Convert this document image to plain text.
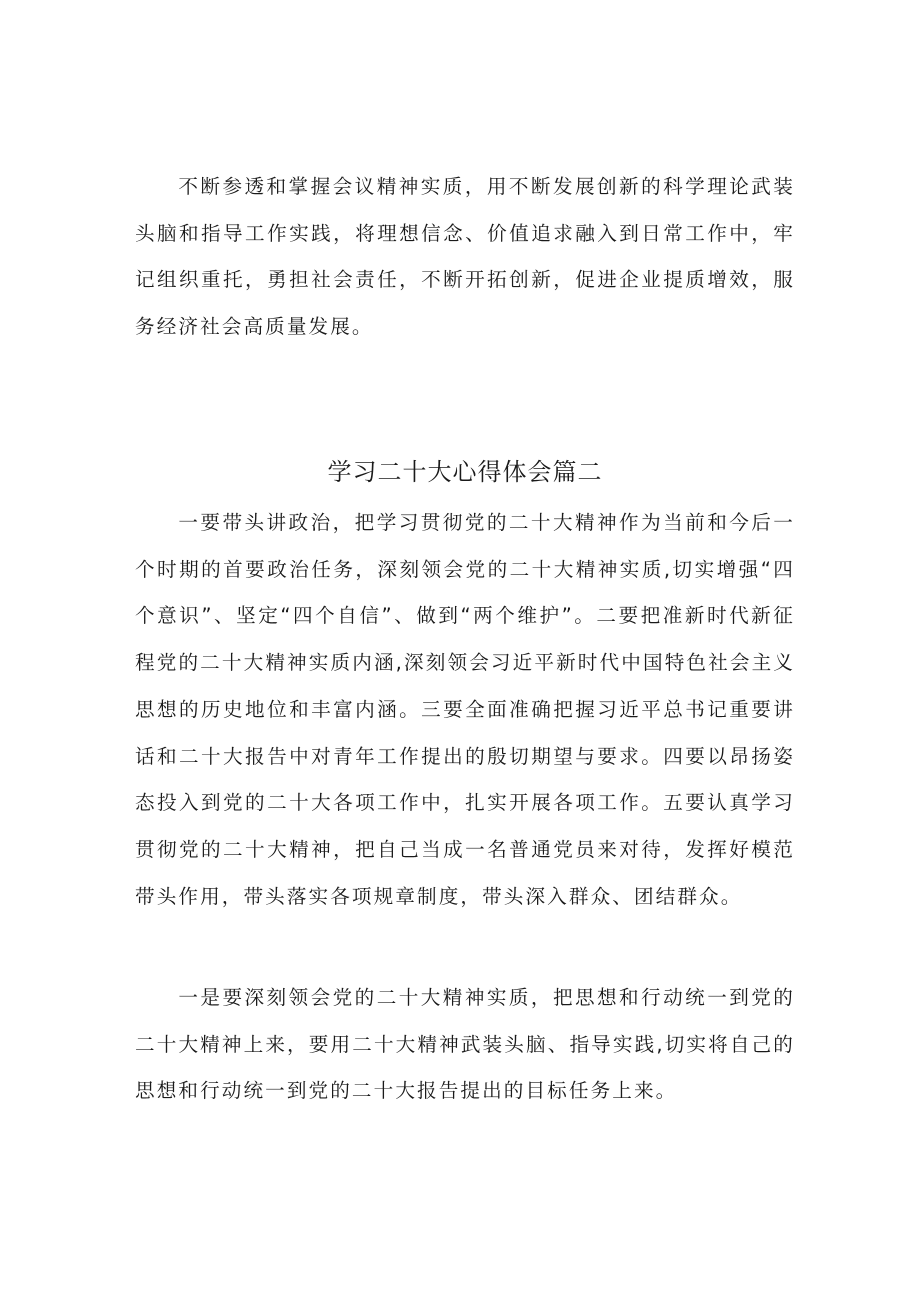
不断参透和掌握会议精神实质，用不断发展创新的科学理论武装头脑和指导工作实践，将理想信念、价值追求融入到日常工作中，牢记组织重托，勇担社会责任，不断开拓创新，促进企业提质增效，服务经济社会高质量发展。

学习二十大心得体会篇二

一要带头讲政治，把学习贯彻党的二十大精神作为当前和今后一个时期的首要政治任务，深刻领会党的二十大精神实质,切实增强“四个意识”、坚定“四个自信”、做到“两个维护”。二要把准新时代新征程党的二十大精神实质内涵,深刻领会习近平新时代中国特色社会主义思想的历史地位和丰富内涵。三要全面准确把握习近平总书记重要讲话和二十大报告中对青年工作提出的殷切期望与要求。四要以昂扬姿态投入到党的二十大各项工作中，扎实开展各项工作。五要认真学习贯彻党的二十大精神，把自己当成一名普通党员来对待，发挥好模范带头作用，带头落实各项规章制度，带头深入群众、团结群众。

一是要深刻领会党的二十大精神实质，把思想和行动统一到党的二十大精神上来，要用二十大精神武装头脑、指导实践,切实将自己的思想和行动统一到党的二十大报告提出的目标任务上来。
